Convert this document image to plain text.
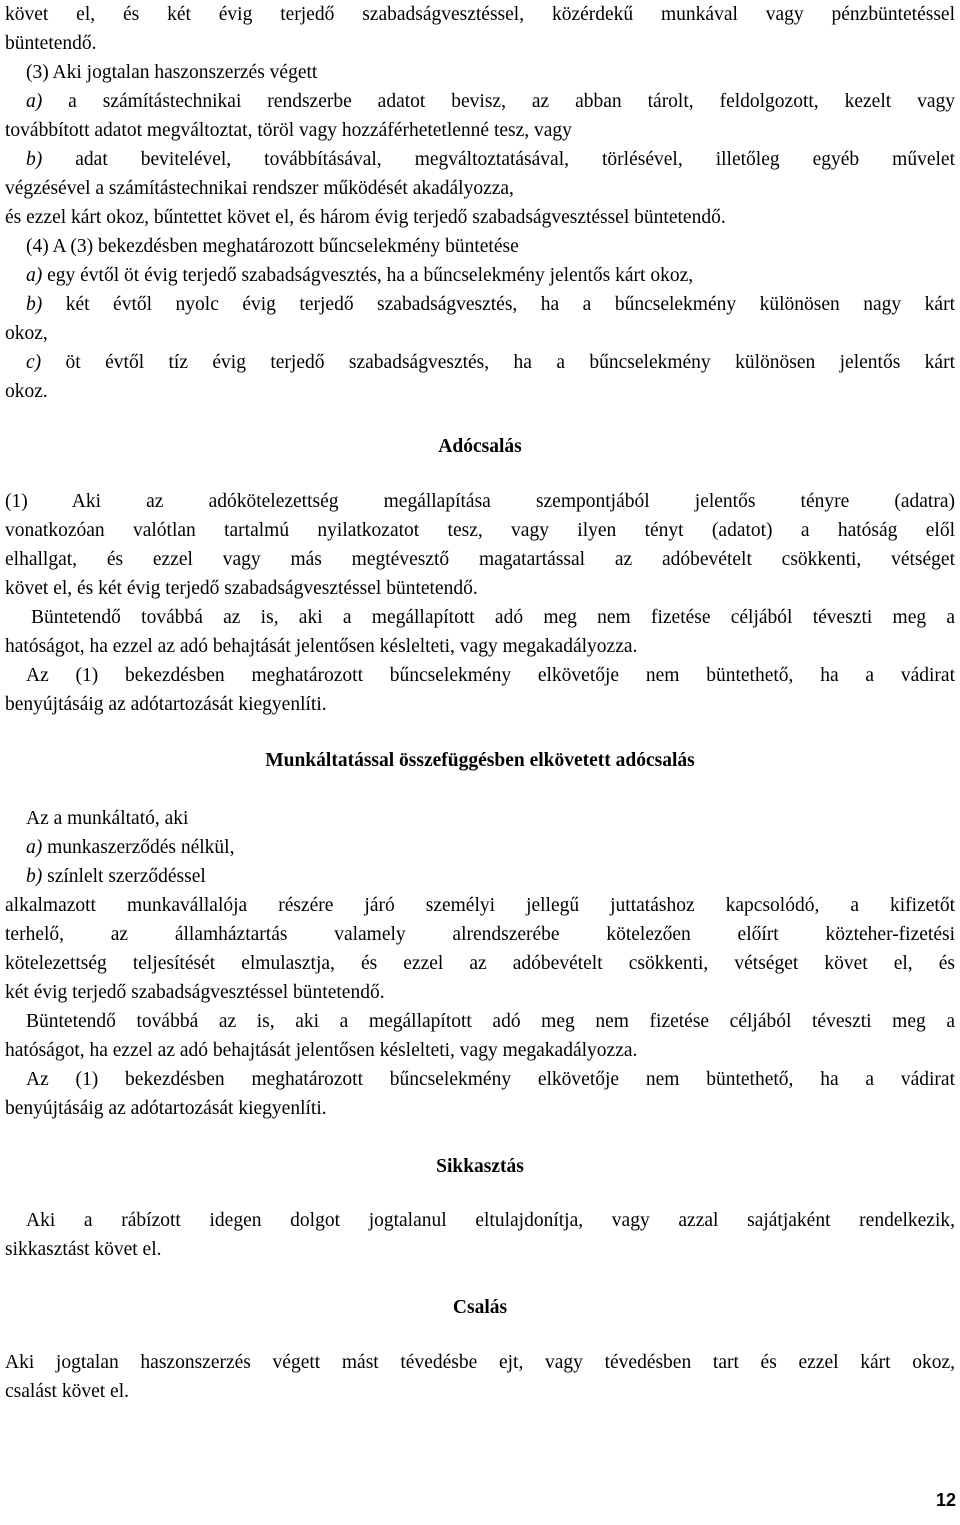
követ el, és két évig terjedő szabadságvesztéssel, közérdekű munkával vagy pénzbüntetéssel
büntetendő.
(3) Aki jogtalan haszonszerzés végett
a) a számítástechnikai rendszerbe adatot bevisz, az abban tárolt, feldolgozott, kezelt vagy
továbbított adatot megváltoztat, töröl vagy hozzáférhetetlenné tesz, vagy
b) adat bevitelével, továbbításával, megváltoztatásával, törlésével, illetőleg egyéb művelet
végzésével a számítástechnikai rendszer működését akadályozza,
és ezzel kárt okoz, bűntettet követ el, és három évig terjedő szabadságvesztéssel büntetendő.
(4) A (3) bekezdésben meghatározott bűncselekmény büntetése
a) egy évtől öt évig terjedő szabadságvesztés, ha a bűncselekmény jelentős kárt okoz,
b) két évtől nyolc évig terjedő szabadságvesztés, ha a bűncselekmény különösen nagy kárt
okoz,
c) öt évtől tíz évig terjedő szabadságvesztés, ha a bűncselekmény különösen jelentős kárt
okoz.
Adócsalás
(1) Aki az adókötelezettség megállapítása szempontjából jelentős tényre (adatra)
vonatkozóan valótlan tartalmú nyilatkozatot tesz, vagy ilyen tényt (adatot) a hatóság elől
elhallgat, és ezzel vagy más megtévesztő magatartással az adóbevételt csökkenti, vétséget
követ el, és két évig terjedő szabadságvesztéssel büntetendő.
Büntetendő továbbá az is, aki a megállapított adó meg nem fizetése céljából téveszti meg a
hatóságot, ha ezzel az adó behajtását jelentősen késlelteti, vagy megakadályozza.
Az (1) bekezdésben meghatározott bűncselekmény elkövetője nem büntethető, ha a vádirat
benyújtásáig az adótartozását kiegyenlíti.
Munkáltatással összefüggésben elkövetett adócsalás
Az a munkáltató, aki
a) munkaszerződés nélkül,
b) színlelt szerződéssel
alkalmazott munkavállalója részére járó személyi jellegű juttatáshoz kapcsolódó, a kifizetőt
terhelő, az államháztartás valamely alrendszerébe kötelezően előírt közteher-fizetési
kötelezettség teljesítését elmulasztja, és ezzel az adóbevételt csökkenti, vétséget követ el, és
két évig terjedő szabadságvesztéssel büntetendő.
Büntetendő továbbá az is, aki a megállapított adó meg nem fizetése céljából téveszti meg a
hatóságot, ha ezzel az adó behajtását jelentősen késlelteti, vagy megakadályozza.
Az (1) bekezdésben meghatározott bűncselekmény elkövetője nem büntethető, ha a vádirat
benyújtásáig az adótartozását kiegyenlíti.
Sikkasztás
Aki a rábízott idegen dolgot jogtalanul eltulajdonítja, vagy azzal sajátjaként rendelkezik,
sikkasztást követ el.
Csalás
Aki jogtalan haszonszerzés végett mást tévedésbe ejt, vagy tévedésben tart és ezzel kárt okoz,
csalást követ el.
12
